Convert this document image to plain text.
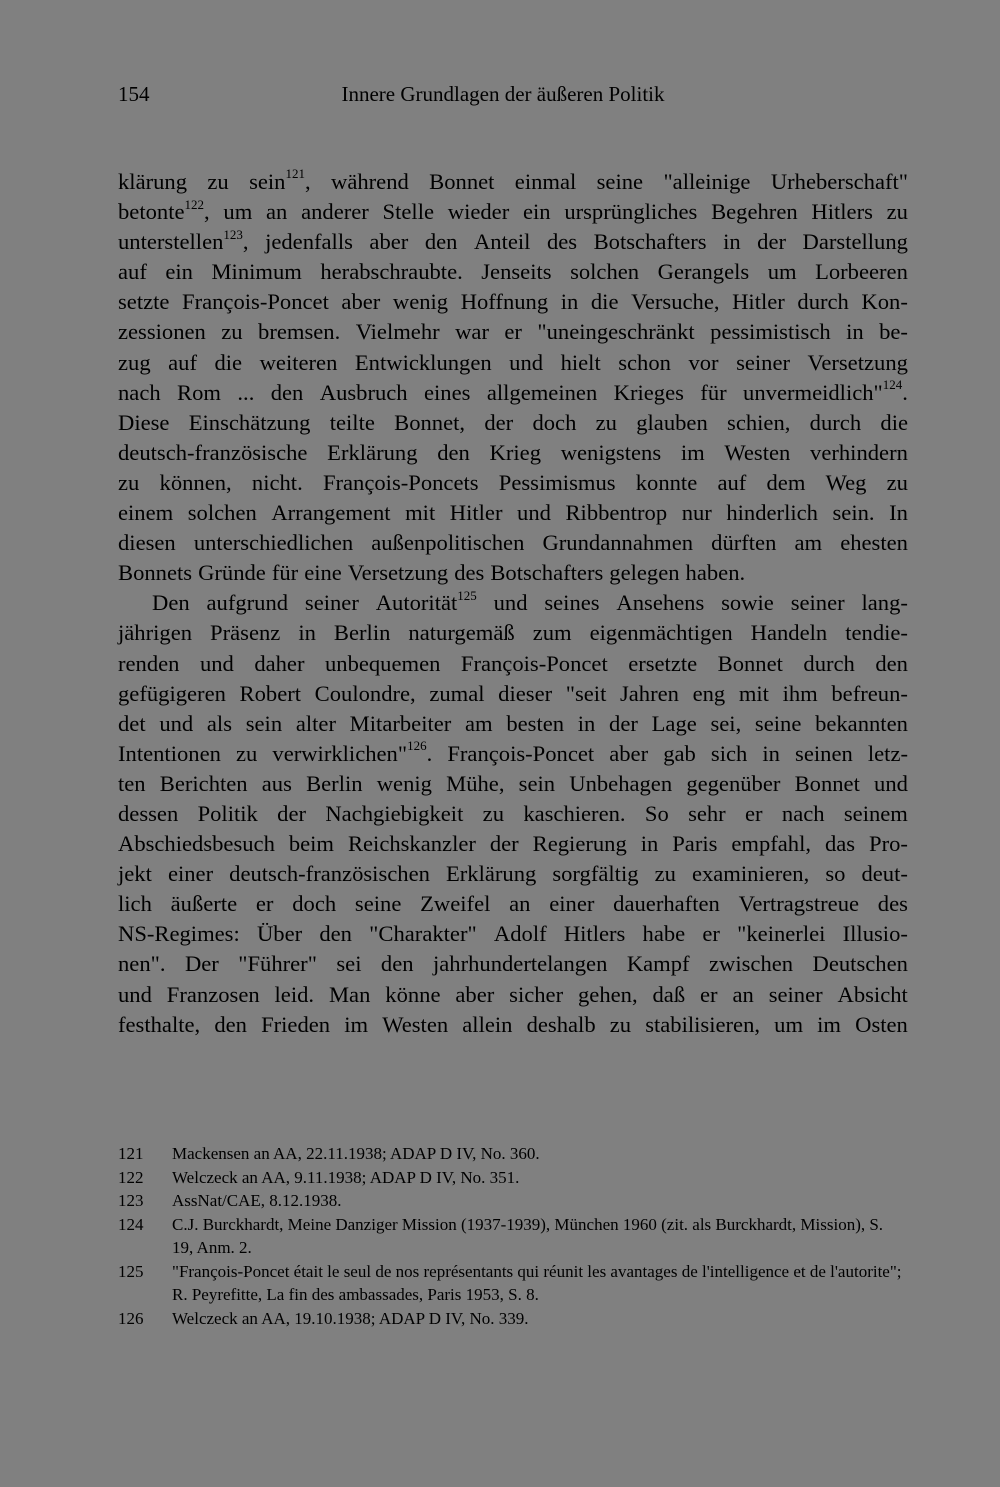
154	Innere Grundlagen der äußeren Politik
klärung zu sein$^{121}$, während Bonnet einmal seine "alleinige Urheberschaft"
betonte$^{122}$, um an anderer Stelle wieder ein ursprüngliches Begehren Hitlers zu
unterstellen$^{123}$, jedenfalls aber den Anteil des Botschafters in der Darstellung
auf ein Minimum herabschraubte. Jenseits solchen Gerangels um Lorbeeren
setzte François-Poncet aber wenig Hoffnung in die Versuche, Hitler durch Kon-
zessionen zu bremsen. Vielmehr war er "uneingeschränkt pessimistisch in be-
zug auf die weiteren Entwicklungen und hielt schon vor seiner Versetzung
nach Rom ... den Ausbruch eines allgemeinen Krieges für unvermeidlich"$^{124}$.
Diese Einschätzung teilte Bonnet, der doch zu glauben schien, durch die
deutsch-französische Erklärung den Krieg wenigstens im Westen verhindern
zu können, nicht. François-Poncets Pessimismus konnte auf dem Weg zu
einem solchen Arrangement mit Hitler und Ribbentrop nur hinderlich sein. In
diesen unterschiedlichen außenpolitischen Grundannahmen dürften am ehesten
Bonnets Gründe für eine Versetzung des Botschafters gelegen haben.
Den aufgrund seiner Autorität$^{125}$ und seines Ansehens sowie seiner lang-
jährigen Präsenz in Berlin naturgemäß zum eigenmächtigen Handeln tendie-
renden und daher unbequemen François-Poncet ersetzte Bonnet durch den
gefügigeren Robert Coulondre, zumal dieser "seit Jahren eng mit ihm befreun-
det und als sein alter Mitarbeiter am besten in der Lage sei, seine bekannten
Intentionen zu verwirklichen"$^{126}$. François-Poncet aber gab sich in seinen letz-
ten Berichten aus Berlin wenig Mühe, sein Unbehagen gegenüber Bonnet und
dessen Politik der Nachgiebigkeit zu kaschieren. So sehr er nach seinem
Abschiedsbesuch beim Reichskanzler der Regierung in Paris empfahl, das Pro-
jekt einer deutsch-französischen Erklärung sorgfältig zu examinieren, so deut-
lich äußerte er doch seine Zweifel an einer dauerhaften Vertragstreue des
NS-Regimes: Über den "Charakter" Adolf Hitlers habe er "keinerlei Illusio-
nen". Der "Führer" sei den jahrhundertelangen Kampf zwischen Deutschen
und Franzosen leid. Man könne aber sicher gehen, daß er an seiner Absicht
festhalte, den Frieden im Westen allein deshalb zu stabilisieren, um im Osten
121	Mackensen an AA, 22.11.1938; ADAP D IV, No. 360.
122	Welczeck an AA, 9.11.1938; ADAP D IV, No. 351.
123	AssNat/CAE, 8.12.1938.
124	C.J. Burckhardt, Meine Danziger Mission (1937-1939), München 1960 (zit. als Burckhardt, Mission), S. 19, Anm. 2.
125	"François-Poncet était le seul de nos représentants qui réunit les avantages de l'intelligence et de l'autorite"; R. Peyrefitte, La fin des ambassades, Paris 1953, S. 8.
126	Welczeck an AA, 19.10.1938; ADAP D IV, No. 339.
